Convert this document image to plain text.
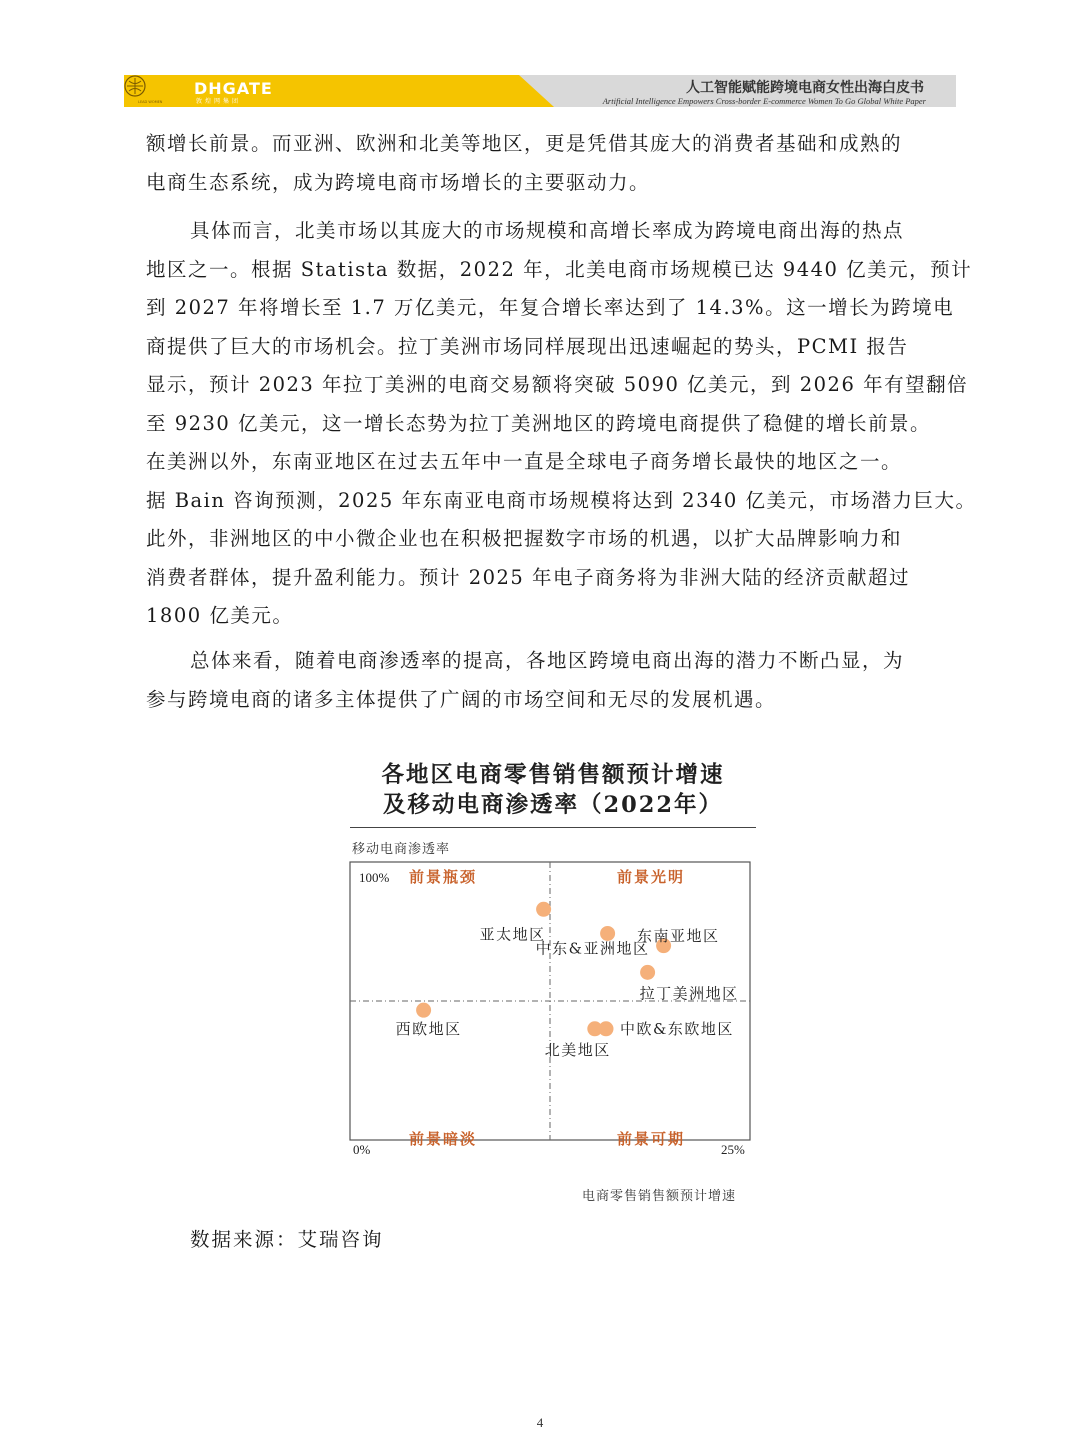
LEAD WOMEN
DHGATE
敦煌网集团
人工智能赋能跨境电商女性出海白皮书
Artificial Intelligence Empowers Cross-border E-commerce Women To Go Global White Paper
额增长前景。而亚洲、欧洲和北美等地区，更是凭借其庞大的消费者基础和成熟的
电商生态系统，成为跨境电商市场增长的主要驱动力。
具体而言，北美市场以其庞大的市场规模和高增长率成为跨境电商出海的热点
地区之一。根据 Statista 数据，2022 年，北美电商市场规模已达 9440 亿美元，预计
到 2027 年将增长至 1.7 万亿美元，年复合增长率达到了 14.3%。这一增长为跨境电
商提供了巨大的市场机会。拉丁美洲市场同样展现出迅速崛起的势头，PCMI 报告
显示，预计 2023 年拉丁美洲的电商交易额将突破 5090 亿美元，到 2026 年有望翻倍
至 9230 亿美元，这一增长态势为拉丁美洲地区的跨境电商提供了稳健的增长前景。
在美洲以外，东南亚地区在过去五年中一直是全球电子商务增长最快的地区之一。
据 Bain 咨询预测，2025 年东南亚电商市场规模将达到 2340 亿美元，市场潜力巨大。
此外，非洲地区的中小微企业也在积极把握数字市场的机遇，以扩大品牌影响力和
消费者群体，提升盈利能力。预计 2025 年电子商务将为非洲大陆的经济贡献超过
1800 亿美元。
总体来看，随着电商渗透率的提高，各地区跨境电商出海的潜力不断凸显，为
参与跨境电商的诸多主体提供了广阔的市场空间和无尽的发展机遇。
各地区电商零售销售额预计增速
及移动电商渗透率（2022年）
移动电商渗透率
100% 前景瓶颈	前景光明
前景暗淡	前景可期
0%	25%
亚太地区	东南亚地区
中东&亚洲地区
拉丁美洲地区
西欧地区
北美地区
中欧&东欧地区
电商零售销售额预计增速
数据来源：艾瑞咨询
4
